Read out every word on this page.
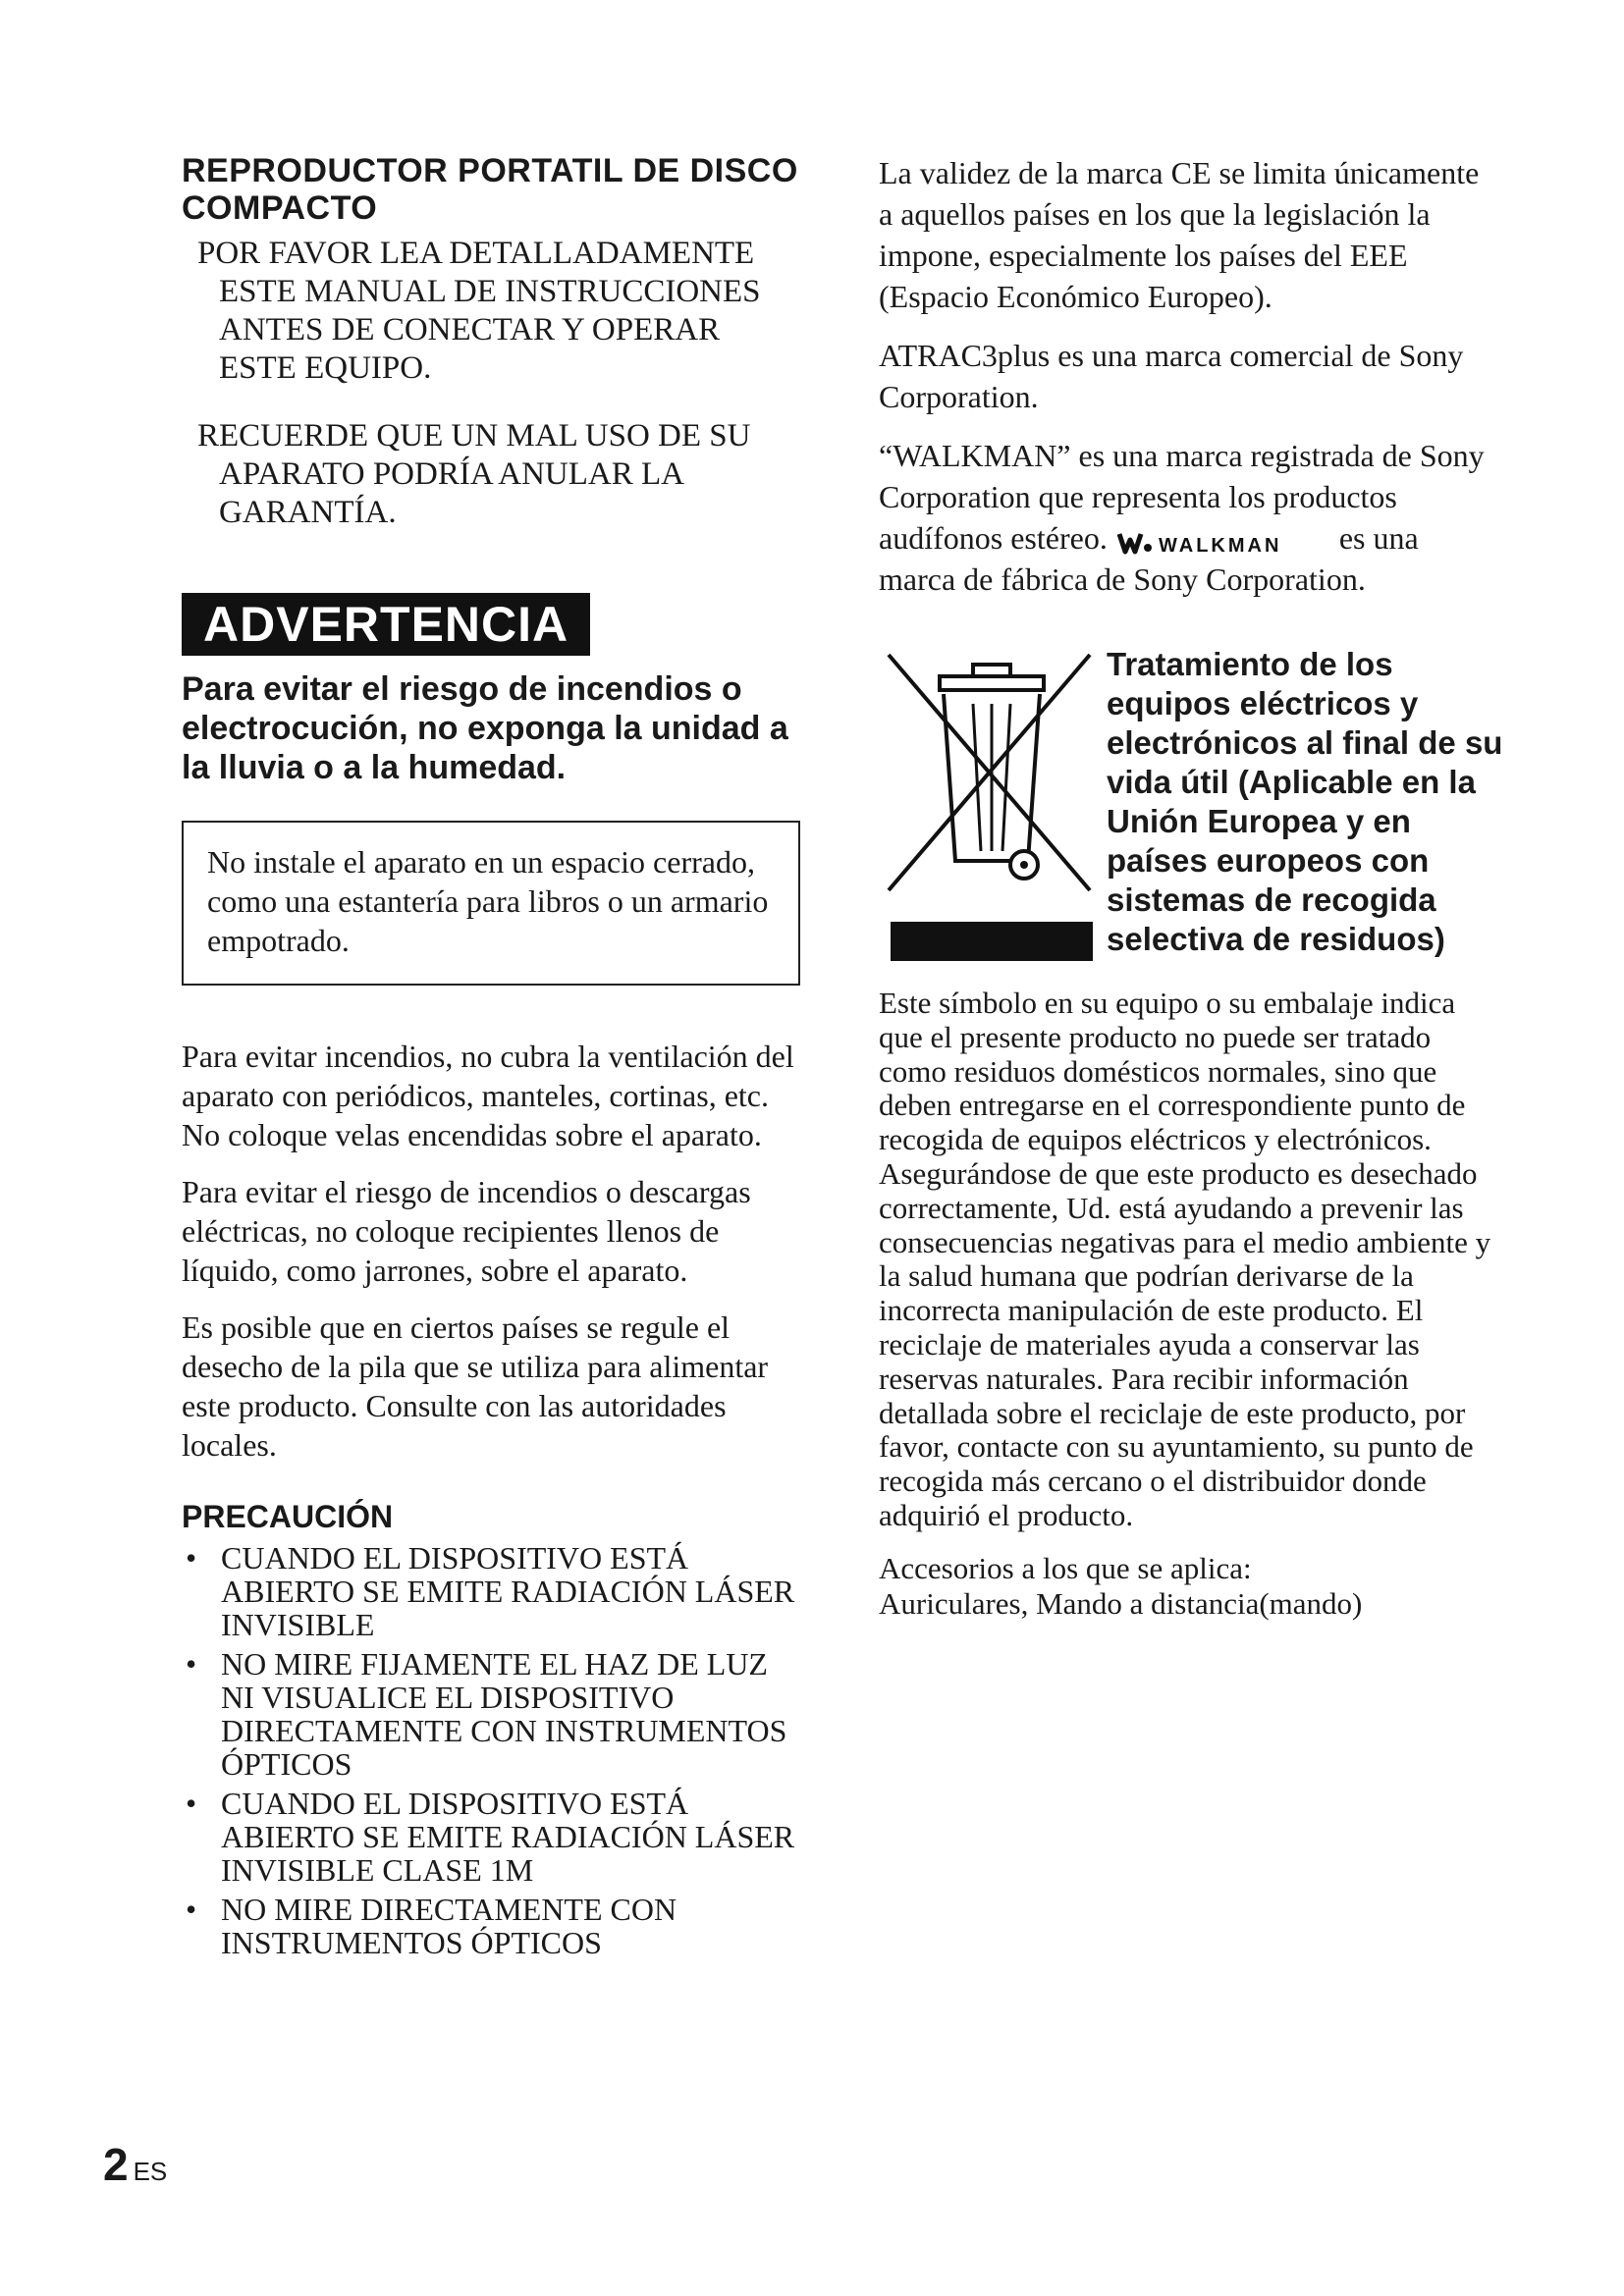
REPRODUCTOR PORTATIL DE DISCO COMPACTO

POR FAVOR LEA DETALLADAMENTE ESTE MANUAL DE INSTRUCCIONES ANTES DE CONECTAR Y OPERAR ESTE EQUIPO.

RECUERDE QUE UN MAL USO DE SU APARATO PODRÍA ANULAR LA GARANTÍA.

ADVERTENCIA
Para evitar el riesgo de incendios o electrocución, no exponga la unidad a la lluvia o a la humedad.
No instale el aparato en un espacio cerrado, como una estantería para libros o un armario empotrado.

Para evitar incendios, no cubra la ventilación del aparato con periódicos, manteles, cortinas, etc. No coloque velas encendidas sobre el aparato.

Para evitar el riesgo de incendios o descargas eléctricas, no coloque recipientes llenos de líquido, como jarrones, sobre el aparato.

Es posible que en ciertos países se regule el desecho de la pila que se utiliza para alimentar este producto. Consulte con las autoridades locales.

PRECAUCIÓN
• CUANDO EL DISPOSITIVO ESTÁ ABIERTO SE EMITE RADIACIÓN LÁSER INVISIBLE
• NO MIRE FIJAMENTE EL HAZ DE LUZ NI VISUALICE EL DISPOSITIVO DIRECTAMENTE CON INSTRUMENTOS ÓPTICOS
• CUANDO EL DISPOSITIVO ESTÁ ABIERTO SE EMITE RADIACIÓN LÁSER INVISIBLE CLASE 1M
• NO MIRE DIRECTAMENTE CON INSTRUMENTOS ÓPTICOS

La validez de la marca CE se limita únicamente a aquellos países en los que la legislación la impone, especialmente los países del EEE (Espacio Económico Europeo).

ATRAC3plus es una marca comercial de Sony Corporation.

“WALKMAN” es una marca registrada de Sony Corporation que representa los productos audífonos estéreo.	WALKMAN es una marca de fábrica de Sony Corporation.

Tratamiento de los equipos eléctricos y electrónicos al final de su vida útil (Aplicable en la Unión Europea y en países europeos con sistemas de recogida selectiva de residuos)

Este símbolo en su equipo o su embalaje indica que el presente producto no puede ser tratado como residuos domésticos normales, sino que deben entregarse en el correspondiente punto de recogida de equipos eléctricos y electrónicos. Asegurándose de que este producto es desechado correctamente, Ud. está ayudando a prevenir las consecuencias negativas para el medio ambiente y la salud humana que podrían derivarse de la incorrecta manipulación de este producto. El reciclaje de materiales ayuda a conservar las reservas naturales. Para recibir información detallada sobre el reciclaje de este producto, por favor, contacte con su ayuntamiento, su punto de recogida más cercano o el distribuidor donde adquirió el producto.

Accesorios a los que se aplica:
Auriculares, Mando a distancia(mando)
2 ES
